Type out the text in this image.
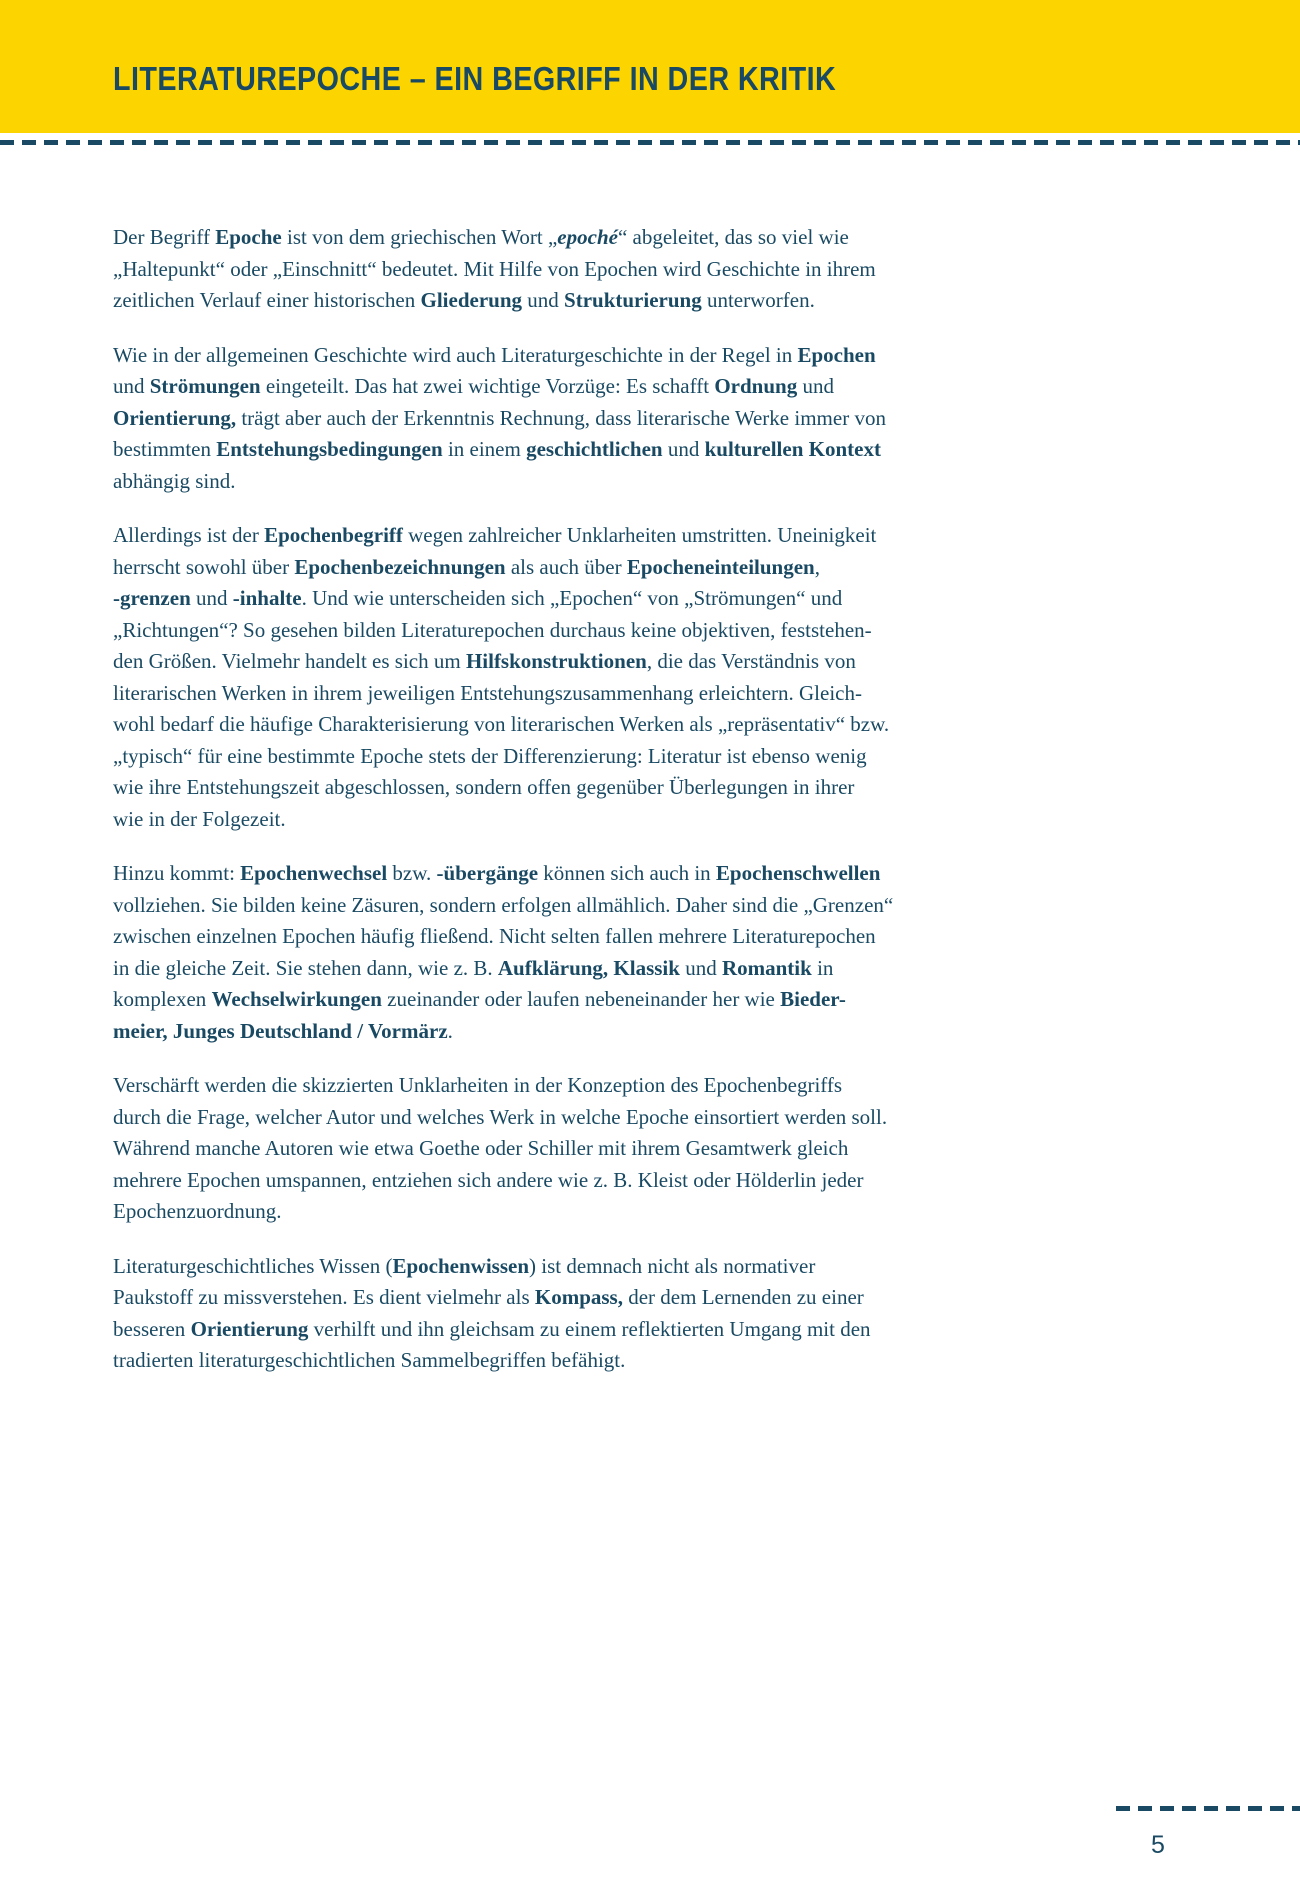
LITERATUREPOCHE – EIN BEGRIFF IN DER KRITIK
Der Begriff Epoche ist von dem griechischen Wort „epoché“ abgeleitet, das so viel wie
„Haltepunkt“ oder „Einschnitt“ bedeutet. Mit Hilfe von Epochen wird Geschichte in ihrem
zeitlichen Verlauf einer historischen Gliederung und Strukturierung unterworfen.
Wie in der allgemeinen Geschichte wird auch Literaturgeschichte in der Regel in Epochen
und Strömungen eingeteilt. Das hat zwei wichtige Vorzüge: Es schafft Ordnung und
Orientierung, trägt aber auch der Erkenntnis Rechnung, dass literarische Werke immer von
bestimmten Entstehungsbedingungen in einem geschichtlichen und kulturellen Kontext
abhängig sind.
Allerdings ist der Epochenbegriff wegen zahlreicher Unklarheiten umstritten. Uneinigkeit
herrscht sowohl über Epochenbezeichnungen als auch über Epocheneinteilungen,
-grenzen und -inhalte. Und wie unterscheiden sich „Epochen“ von „Strömungen“ und
„Richtungen“? So gesehen bilden Literaturepochen durchaus keine objektiven, feststehen-
den Größen. Vielmehr handelt es sich um Hilfskonstruktionen, die das Verständnis von
literarischen Werken in ihrem jeweiligen Entstehungszusammenhang erleichtern. Gleich-
wohl bedarf die häufige Charakterisierung von literarischen Werken als „repräsentativ“ bzw.
„typisch“ für eine bestimmte Epoche stets der Differenzierung: Literatur ist ebenso wenig
wie ihre Entstehungszeit abgeschlossen, sondern offen gegenüber Überlegungen in ihrer
wie in der Folgezeit.
Hinzu kommt: Epochenwechsel bzw. -übergänge können sich auch in Epochenschwellen
vollziehen. Sie bilden keine Zäsuren, sondern erfolgen allmählich. Daher sind die „Grenzen“
zwischen einzelnen Epochen häufig fließend. Nicht selten fallen mehrere Literaturepochen
in die gleiche Zeit. Sie stehen dann, wie z. B. Aufklärung, Klassik und Romantik in
komplexen Wechselwirkungen zueinander oder laufen nebeneinander her wie Bieder-
meier, Junges Deutschland / Vormärz.
Verschärft werden die skizzierten Unklarheiten in der Konzeption des Epochenbegriffs
durch die Frage, welcher Autor und welches Werk in welche Epoche einsortiert werden soll.
Während manche Autoren wie etwa Goethe oder Schiller mit ihrem Gesamtwerk gleich
mehrere Epochen umspannen, entziehen sich andere wie z. B. Kleist oder Hölderlin jeder
Epochenzuordnung.
Literaturgeschichtliches Wissen (Epochenwissen) ist demnach nicht als normativer
Paukstoff zu missverstehen. Es dient vielmehr als Kompass, der dem Lernenden zu einer
besseren Orientierung verhilft und ihn gleichsam zu einem reflektierten Umgang mit den
tradierten literaturgeschichtlichen Sammelbegriffen befähigt.
5
